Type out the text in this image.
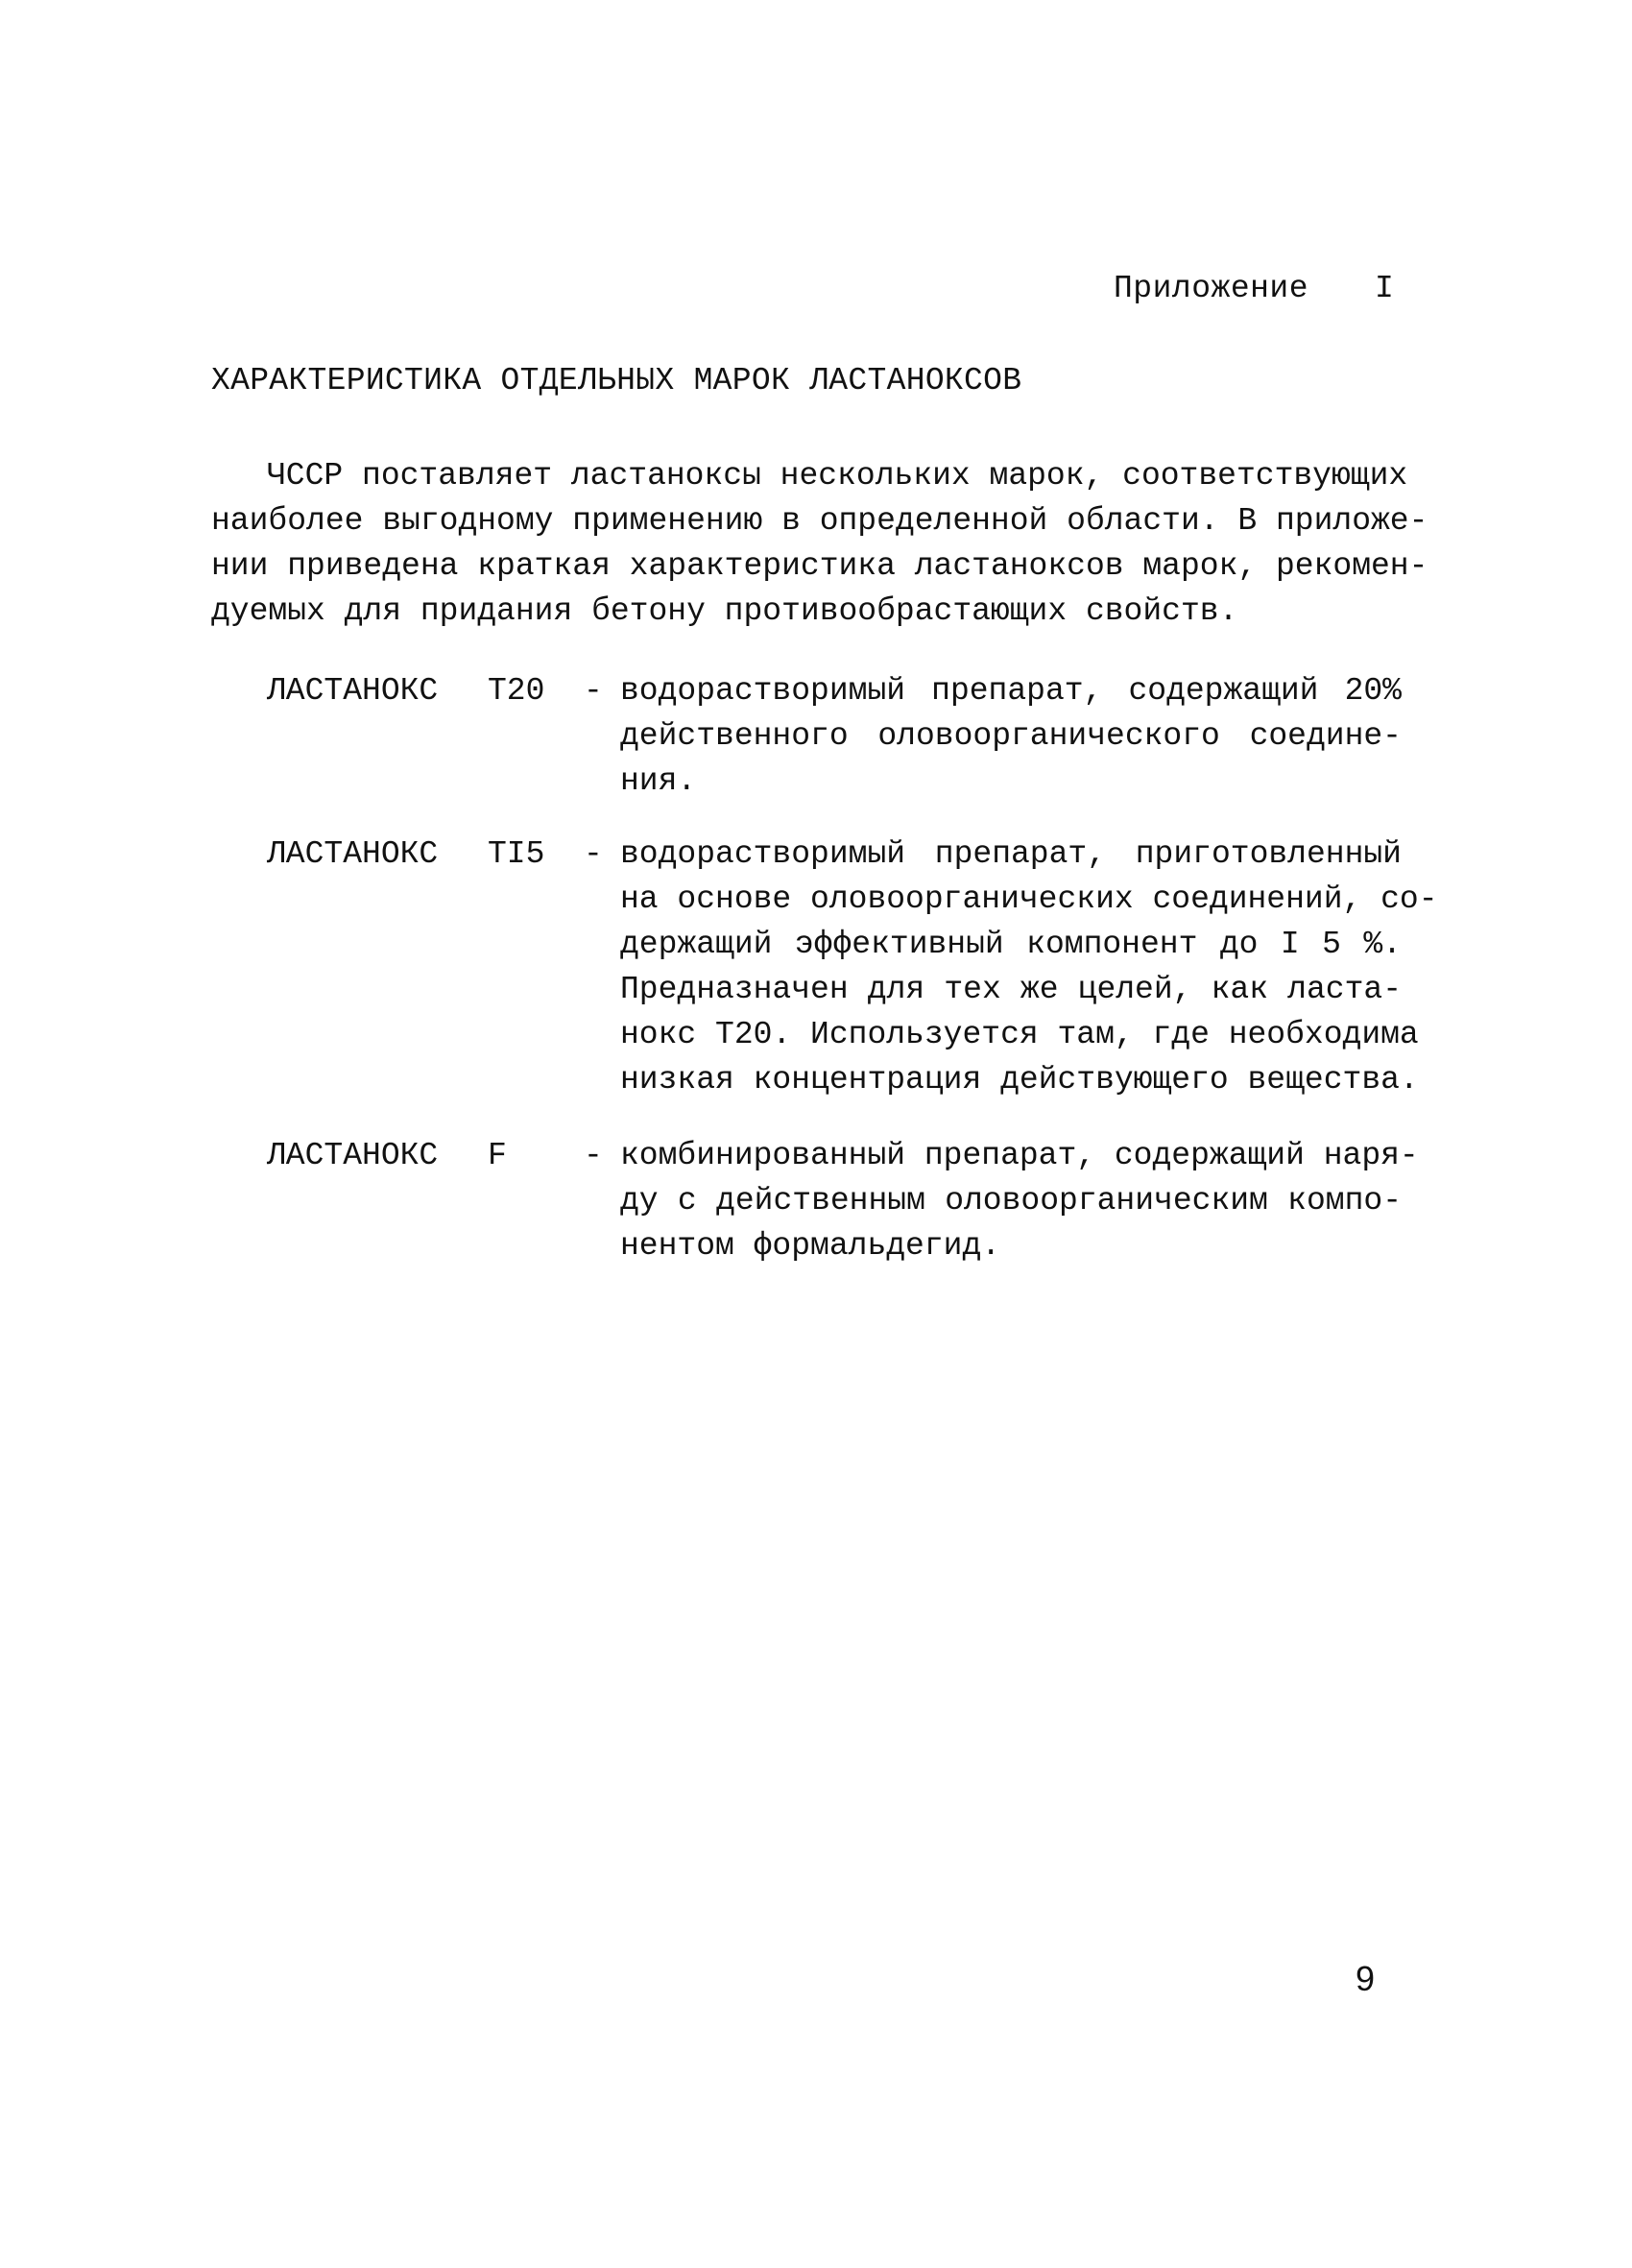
Приложение I
ХАРАКТЕРИСТИКА ОТДЕЛЬНЫХ МАРОК ЛАСТАНОКСОВ
ЧССР поставляет ластаноксы нескольких марок, соответствующих
наиболее выгодному применению в определенной области. В приложе-
нии приведена краткая характеристика ластаноксов марок, рекомен-
дуемых для придания бетону противообрастающих свойств.
ЛАСТАНОКС Т20 - водорастворимый препарат, содержащий 20%
действенного оловоорганического соедине-
ния.
ЛАСТАНОКС ТI5 - водорастворимый препарат, приготовленный
на основе оловоорганических соединений, со-
держащий эффективный компонент до I 5 %.
Предназначен для тех же целей, как ласта-
нокс Т20. Используется там, где необходима
низкая концентрация действующего вещества.
ЛАСТАНОКС F - комбинированный препарат, содержащий наря-
ду с действенным оловоорганическим компо-
нентом формальдегид.
9
